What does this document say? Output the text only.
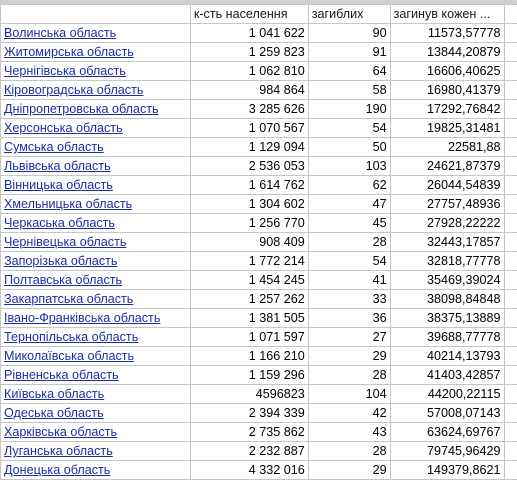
	к-сть населення	загиблих	загинув кожен ...	
Волинська область	1 041 622	90	11573,57778	
Житомирська область	1 259 823	91	13844,20879	
Чернігівська область	1 062 810	64	16606,40625	
Кіровоградська область	984 864	58	16980,41379	
Дніпропетровська область	3 285 626	190	17292,76842	
Херсонська область	1 070 567	54	19825,31481	
Сумська область	1 129 094	50	22581,88	
Львівська область	2 536 053	103	24621,87379	
Вінницька область	1 614 762	62	26044,54839	
Хмельницька область	1 304 602	47	27757,48936	
Черкаська область	1 256 770	45	27928,22222	
Чернівецька область	908 409	28	32443,17857	
Запорізька область	1 772 214	54	32818,77778	
Полтавська область	1 454 245	41	35469,39024	
Закарпатська область	1 257 262	33	38098,84848	
Івано-Франківська область	1 381 505	36	38375,13889	
Тернопільська область	1 071 597	27	39688,77778	
Миколаївська область	1 166 210	29	40214,13793	
Рівненська область	1 159 296	28	41403,42857	
Київська область	4596823	104	44200,22115	
Одеська область	2 394 339	42	57008,07143	
Харківська область	2 735 862	43	63624,69767	
Луганська область	2 232 887	28	79745,96429	
Донецька область	4 332 016	29	149379,8621	
